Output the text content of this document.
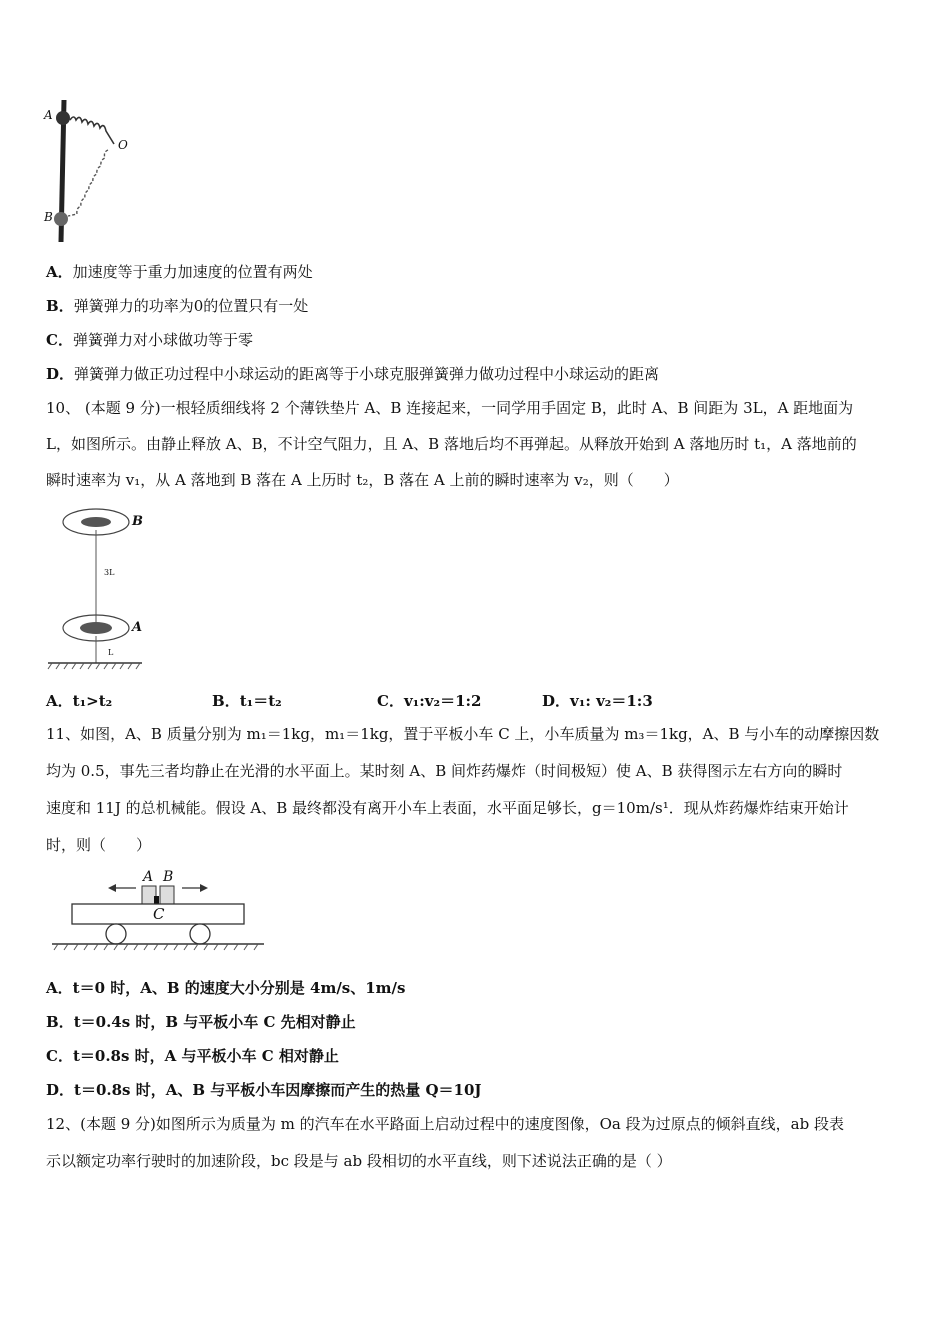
A
O
B
A．加速度等于重力加速度的位置有两处
B．弹簧弹力的功率为0的位置只有一处
C．弹簧弹力对小球做功等于零
D．弹簧弹力做正功过程中小球运动的距离等于小球克服弹簧弹力做功过程中小球运动的距离
10、 (本题 9 分)一根轻质细线将 2 个薄铁垫片 A、B 连接起来，一同学用手固定 B，此时 A、B 间距为 3L，A 距地面为
L，如图所示。由静止释放 A、B，不计空气阻力，且 A、B 落地后均不再弹起。从释放开始到 A 落地历时 t₁，A 落地前的
瞬时速率为 v₁，从 A 落地到 B 落在 A 上历时 t₂，B 落在 A 上前的瞬时速率为 v₂，则（　　）
B
3L
A
L
A．t₁>t₂	B．t₁＝t₂	C．v₁:v₂＝1:2	D．v₁: v₂＝1:3
11、如图，A、B 质量分别为 m₁＝1kg，m₁＝1kg，置于平板小车 C 上，小车质量为 m₃＝1kg，A、B 与小车的动摩擦因数
均为 0.5，事先三者均静止在光滑的水平面上。某时刻 A、B 间炸药爆炸（时间极短）使 A、B 获得图示左右方向的瞬时
速度和 11J 的总机械能。假设 A、B 最终都没有离开小车上表面，水平面足够长，g＝10m/s¹．现从炸药爆炸结束开始计
时，则（　　）
A B
C
A．t＝0 时，A、B 的速度大小分别是 4m/s、1m/s
B．t＝0.4s 时，B 与平板小车 C 先相对静止
C．t＝0.8s 时，A 与平板小车 C 相对静止
D．t＝0.8s 时，A、B 与平板小车因摩擦而产生的热量 Q＝10J
12、(本题 9 分)如图所示为质量为 m 的汽车在水平路面上启动过程中的速度图像，Oa 段为过原点的倾斜直线，ab 段表
示以额定功率行驶时的加速阶段，bc 段是与 ab 段相切的水平直线，则下述说法正确的是（ ）
